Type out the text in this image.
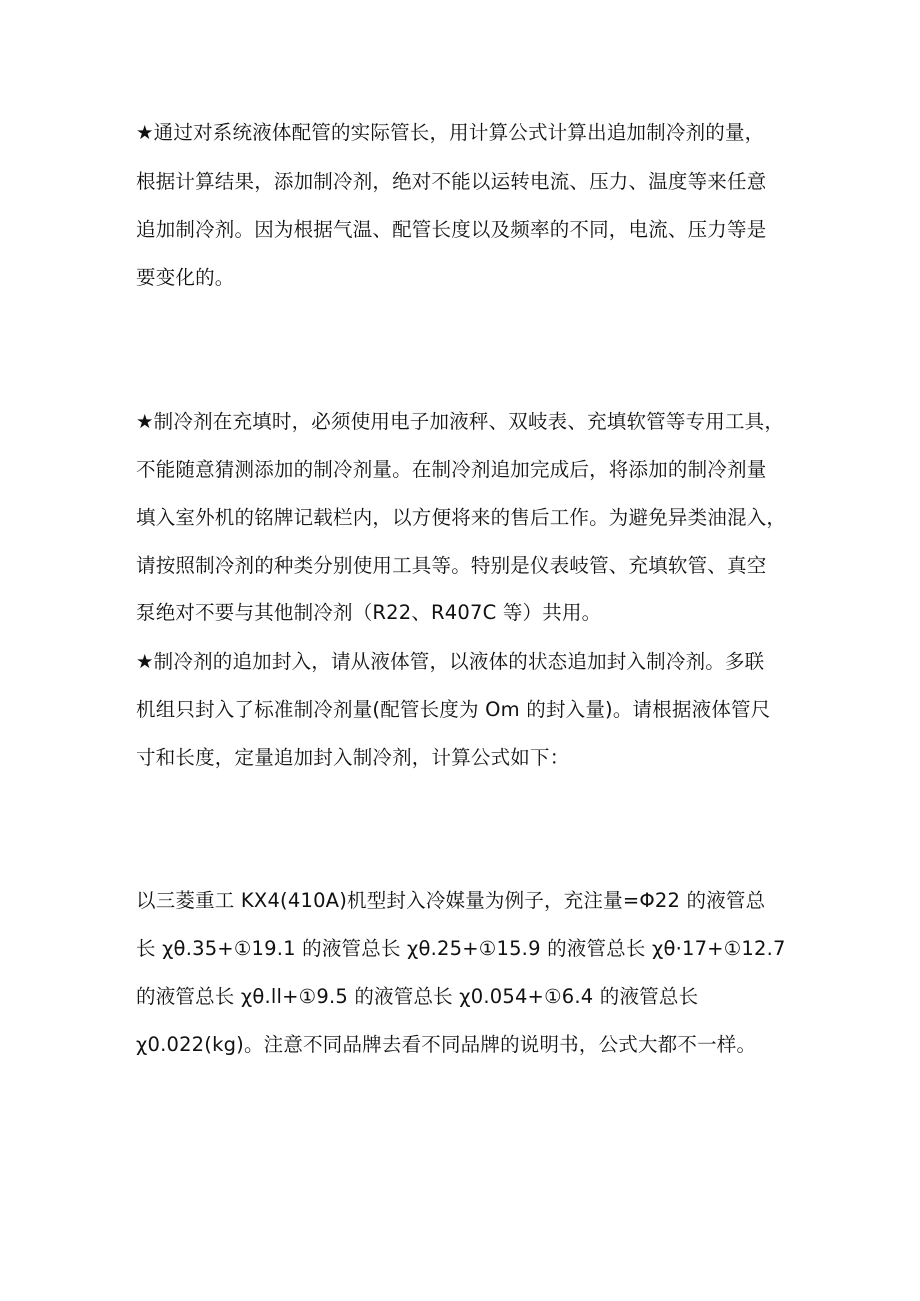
★通过对系统液体配管的实际管长，用计算公式计算出追加制冷剂的量，
根据计算结果，添加制冷剂，绝对不能以运转电流、压力、温度等来任意
追加制冷剂。因为根据气温、配管长度以及频率的不同，电流、压力等是
要变化的。
★制冷剂在充填时，必须使用电子加液秤、双岐表、充填软管等专用工具，
不能随意猜测添加的制冷剂量。在制冷剂追加完成后，将添加的制冷剂量
填入室外机的铭牌记载栏内，以方便将来的售后工作。为避免异类油混入，
请按照制冷剂的种类分别使用工具等。特别是仪表岐管、充填软管、真空
泵绝对不要与其他制冷剂（R22、R407C 等）共用。
★制冷剂的追加封入，请从液体管，以液体的状态追加封入制冷剂。多联
机组只封入了标准制冷剂量(配管长度为 Om 的封入量)。请根据液体管尺
寸和长度，定量追加封入制冷剂，计算公式如下：
以三菱重工 KX4(410A)机型封入冷媒量为例子，充注量=Φ22 的液管总
长 χθ.35+①19.1 的液管总长 χθ.25+①15.9 的液管总长 χθ·17+①12.7
的液管总长 χθ.ll+①9.5 的液管总长 χ0.054+①6.4 的液管总长
χ0.022(kg)。注意不同品牌去看不同品牌的说明书，公式大都不一样。
